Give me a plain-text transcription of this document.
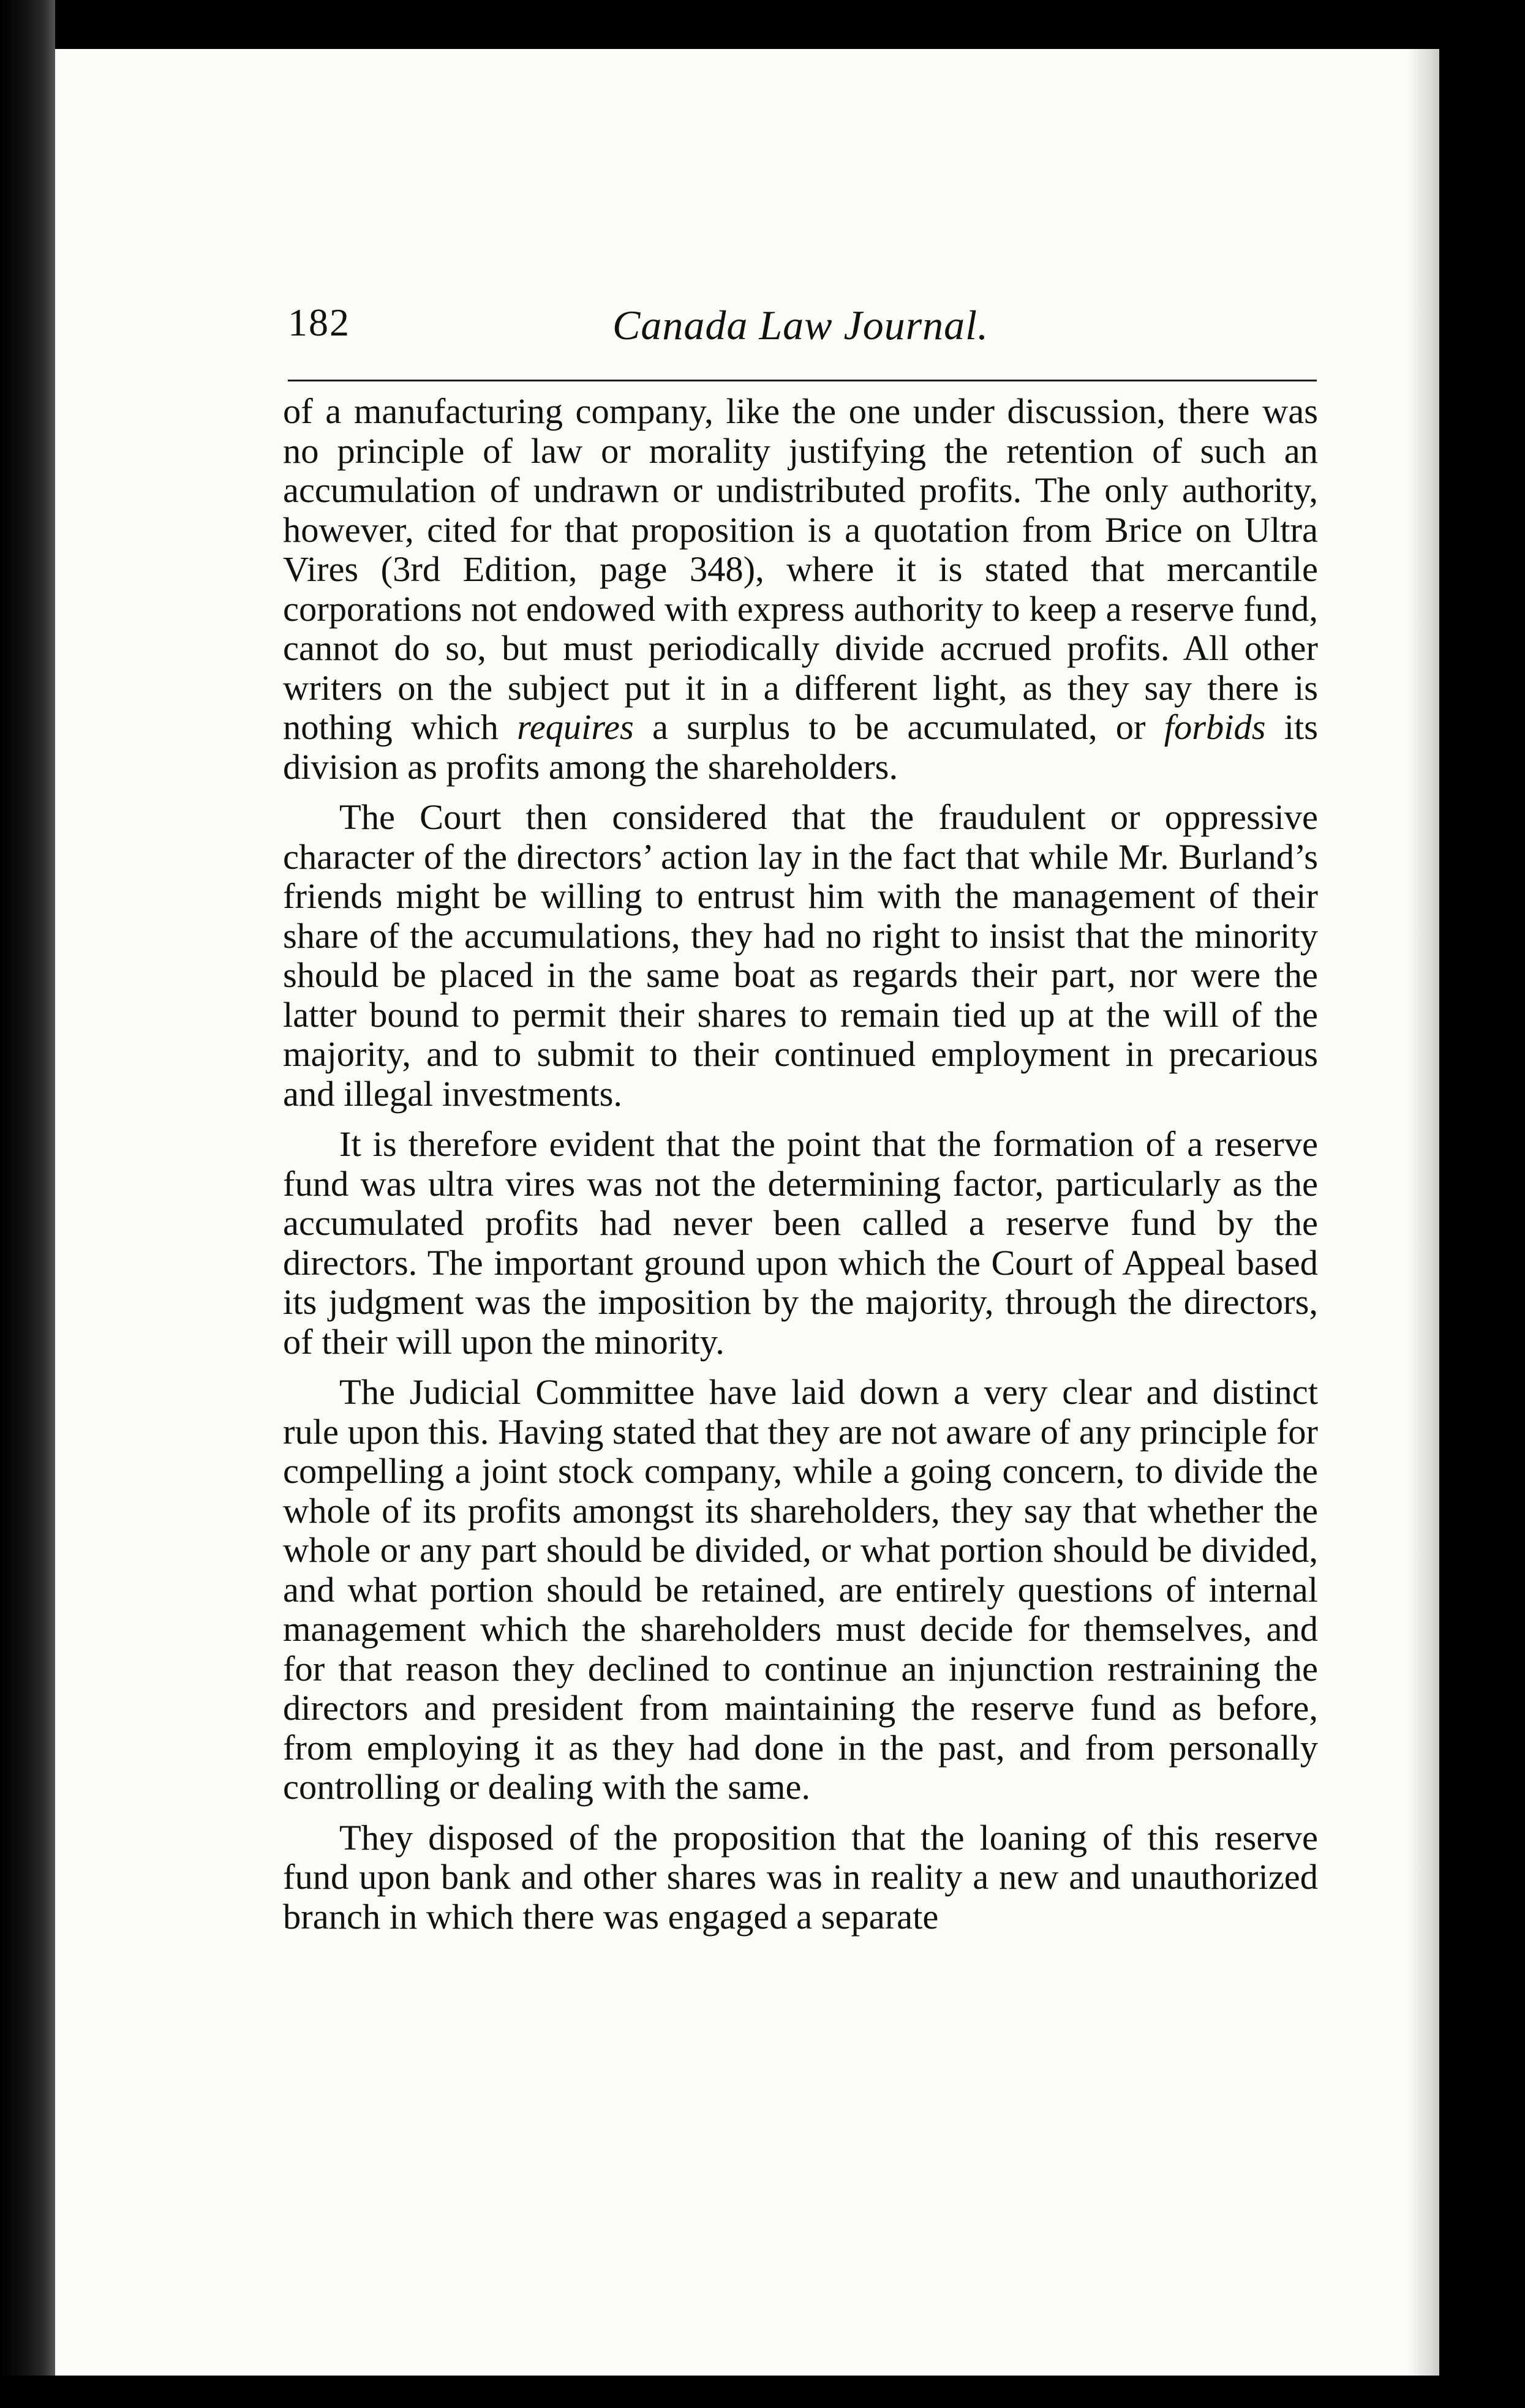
182	Canada Law Journal.

of a manufacturing company, like the one under discussion, there was no principle of law or morality justifying the retention of such an accumulation of undrawn or undistributed profits. The only authority, however, cited for that proposition is a quotation from Brice on Ultra Vires (3rd Edition, page 348), where it is stated that mercantile corporations not endowed with express authority to keep a reserve fund, cannot do so, but must periodically divide accrued profits. All other writers on the subject put it in a different light, as they say there is nothing which requires a surplus to be accumulated, or forbids its division as profits among the shareholders.

The Court then considered that the fraudulent or oppressive character of the directors’ action lay in the fact that while Mr. Burland’s friends might be willing to entrust him with the management of their share of the accumulations, they had no right to insist that the minority should be placed in the same boat as regards their part, nor were the latter bound to permit their shares to remain tied up at the will of the majority, and to submit to their continued employment in precarious and illegal investments.

It is therefore evident that the point that the formation of a reserve fund was ultra vires was not the determining factor, particularly as the accumulated profits had never been called a reserve fund by the directors. The important ground upon which the Court of Appeal based its judgment was the imposition by the majority, through the directors, of their will upon the minority.

The Judicial Committee have laid down a very clear and distinct rule upon this. Having stated that they are not aware of any principle for compelling a joint stock company, while a going concern, to divide the whole of its profits amongst its shareholders, they say that whether the whole or any part should be divided, or what portion should be divided, and what portion should be retained, are entirely questions of internal management which the shareholders must decide for themselves, and for that reason they declined to continue an injunction restraining the directors and president from maintaining the reserve fund as before, from employing it as they had done in the past, and from personally controlling or dealing with the same.

They disposed of the proposition that the loaning of this reserve fund upon bank and other shares was in reality a new and unauthorized branch in which there was engaged a separate
